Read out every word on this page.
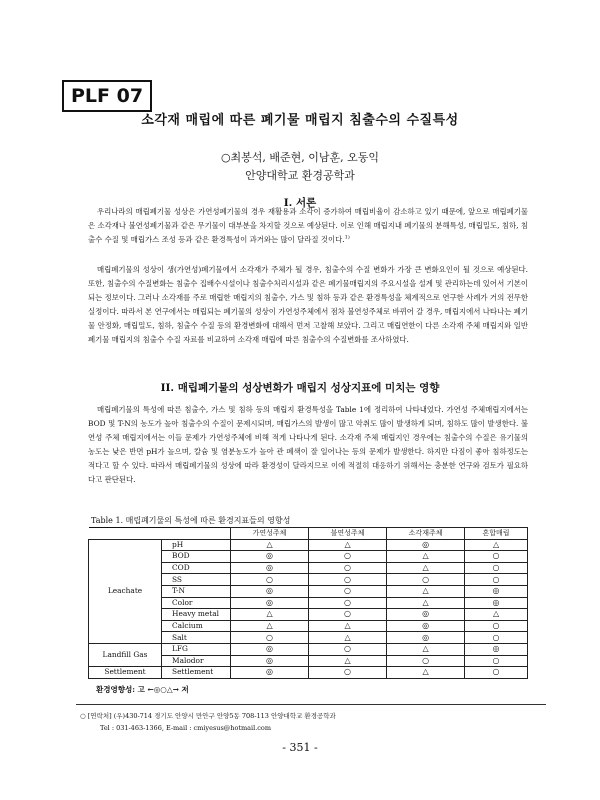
PLF 07
소각재 매립에 따른 폐기물 매립지 침출수의 수질특성
○최봉석, 배준현, 이남훈, 오동익
안양대학교 환경공학과
I. 서론

우리나라의 매립폐기물 성상은 가연성폐기물의 경우 재활용과 소각이 증가하여 매립비율이 감소하고 있기 때문에, 앞으로 매립폐기물은 소각재나 불연성폐기물과 같은 무기물이 대부분을 차지할 것으로 예상된다. 이로 인해 매립지내 폐기물의 분해특성, 매립밀도, 침하, 침출수 수질 및 매립가스 조성 등과 같은 환경특성이 과거와는 많이 달라질 것이다.$^{1)}$

매립폐기물의 성상이 생(가연성)폐기물에서 소각재가 주체가 될 경우, 침출수의 수질 변화가 가장 큰 변화요인이 될 것으로 예상된다. 또한, 침출수의 수질변화는 침출수 집배수시설이나 침출수처리시설과 같은 폐기물매립지의 주요시설을 설계 및 관리하는데 있어서 기본이 되는 정보이다. 그러나 소각재를 주로 매립한 매립지의 침출수, 가스 및 침하 등과 같은 환경특성을 체계적으로 연구한 사례가 거의 전무한 실정이다. 따라서 본 연구에서는 매립되는 폐기물의 성상이 가연성주체에서 점차 불연성주체로 바뀌어 갈 경우, 매립지에서 나타나는 폐기물 안정화, 매립밀도, 침하, 침출수 수질 등의 환경변화에 대해서 먼저 고찰해 보았다. 그리고 매립연한이 다른 소각재 주체 매립지와 일반폐기물 매립지의 침출수 수질 자료를 비교하여 소각재 매립에 따른 침출수의 수질변화를 조사하였다.

II. 매립폐기물의 성상변화가 매립지 성상지표에 미치는 영향

매립폐기물의 특성에 따른 침출수, 가스 및 침하 등의 매립지 환경특성을 Table 1에 정리하여 나타내었다. 가연성 주체매립지에서는 BOD 및 T-N의 농도가 높아 침출수의 수질이 문제시되며, 매립가스의 발생이 많고 악취도 많이 발생하게 되며, 침하도 많이 발생한다. 불연성 주체 매립지에서는 이들 문제가 가연성주체에 비해 적게 나타나게 된다. 소각재 주체 매립지인 경우에는 침출수의 수질은 유기물의 농도는 낮은 반면 pH가 높으며, 칼슘 및 염분농도가 높아 관 폐색이 잘 일어나는 등의 문제가 발생한다. 하지만 다짐이 좋아 침하정도는 적다고 할 수 있다. 따라서 매립폐기물의 성상에 따라 환경성이 달라지므로 이에 적절히 대응하기 위해서는 충분한 연구와 검토가 필요하다고 판단된다.

Table 1. 매립폐기물의 특성에 따른 환경지표들의 영향성
		가연성주체	불연성주체	소각재주체	혼합매립
Leachate	pH	△	△	◎	△
	BOD	◎	○	△	○
	COD	◎	○	△	○
	SS	○	○	○	○
	T-N	◎	○	△	◎
	Color	◎	○	△	◎
	Heavy metal	△	○	◎	△
	Calcium	△	△	◎	○
	Salt	○	△	◎	○
Landfill Gas	LFG	◎	○	△	◎
	Malodor	◎	△	○	○
Settlement	Settlement	◎	○	△	○
환경영향성: 고 ←◎○△→ 저
○ [연락처] (우)430-714 경기도 안양시 만안구 안양5동 708-113 안양대학교 환경공학과
Tel : 031-463-1366, E-mail : cmiyesus@hotmail.com
- 351 -
